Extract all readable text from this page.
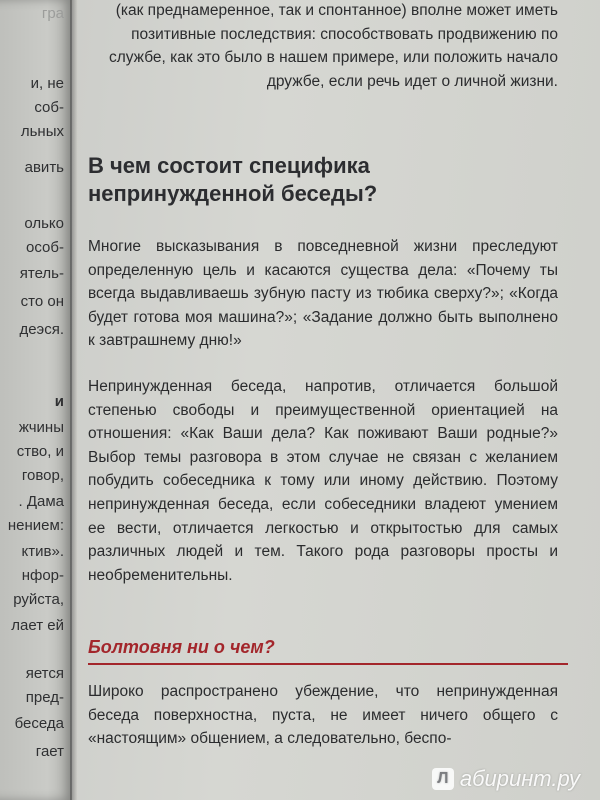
гра
и, не
соб-
льных
авить
олько
особ-
ятель-
сто он
деэся.
и
жчины
ство, и
говор,
. Дама
нением:
ктив».
нфор-
руйста,
лает ей
яется
пред-
беседа
гает

(как преднамеренное, так и спонтанное) вполне может иметь позитивные последствия: способствовать продвижению по службе, как это было в нашем примере, или положить начало дружбе, если речь идет о личной жизни.

В чем состоит специфика непринужденной беседы?

Многие высказывания в повседневной жизни преследуют определенную цель и касаются существа дела: «Почему ты всегда выдавливаешь зубную пасту из тюбика сверху?»; «Когда будет готова моя машина?»; «Задание должно быть выполнено к завтрашнему дню!»

Непринужденная беседа, напротив, отличается большой степенью свободы и преимущественной ориентацией на отношения: «Как Ваши дела? Как поживают Ваши родные?» Выбор темы разговора в этом случае не связан с желанием побудить собеседника к тому или иному действию. Поэтому непринужденная беседа, если собеседники владеют умением ее вести, отличается легкостью и открытостью для самых различных людей и тем. Такого рода разговоры просты и необременительны.

Болтовня ни о чем?

Широко распространено убеждение, что непринужденная беседа поверхностна, пуста, не имеет ничего общего с «настоящим» общением, а следовательно, беспо-

Л абиринт.ру
